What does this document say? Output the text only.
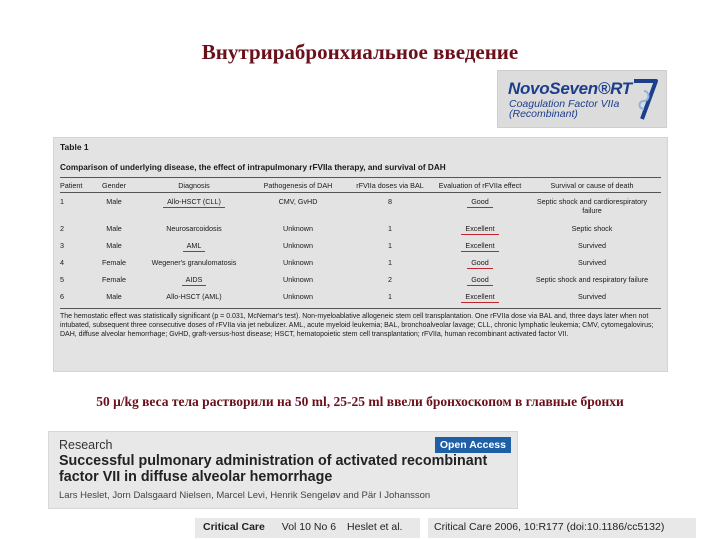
Внутрирабронхиальное введение
NovoSeven®RT
Coagulation Factor VIIa
(Recombinant)
Table 1
Comparison of underlying disease, the effect of intrapulmonary rFVIIa therapy, and survival of DAH
Patient	Gender	Diagnosis	Pathogenesis of DAH	rFVIIa doses via BAL	Evaluation of rFVIIa effect	Survival or cause of death
1	Male	Allo-HSCT (CLL)	CMV, GvHD	8	Good	Septic shock and cardiorespiratory failure
2	Male	Neurosarcoidosis	Unknown	1	Excellent	Septic shock
3	Male	AML	Unknown	1	Excellent	Survived
4	Female	Wegener's granulomatosis	Unknown	1	Good	Survived
5	Female	AIDS	Unknown	2	Good	Septic shock and respiratory failure
6	Male	Allo-HSCT (AML)	Unknown	1	Excellent	Survived
The hemostatic effect was statistically significant (p = 0.031, McNemar's test). Non-myeloablative allogeneic stem cell transplantation. One rFVIIa dose via BAL and, three days later when not intubated, subsequent three consecutive doses of rFVIIa via jet nebulizer. AML, acute myeloid leukemia; BAL, bronchoalveolar lavage; CLL, chronic lymphatic leukemia; CMV, cytomegalovirus; DAH, diffuse alveolar hemorrhage; GvHD, graft-versus-host disease; HSCT, hematopoietic stem cell transplantation; rFVIIa, human recombinant activated factor VII.
50 μ/kg веса тела растворили на 50 ml, 25-25 ml ввели бронхоскопом в главные бронхи
Research	Open Access
Successful pulmonary administration of activated recombinant factor VII in diffuse alveolar hemorrhage
Lars Heslet, Jorn Dalsgaard Nielsen, Marcel Levi, Henrik Sengeløv and Pär I Johansson
Critical Care Vol 10 No 6 Heslet et al.	Critical Care 2006, 10:R177 (doi:10.1186/cc5132)
